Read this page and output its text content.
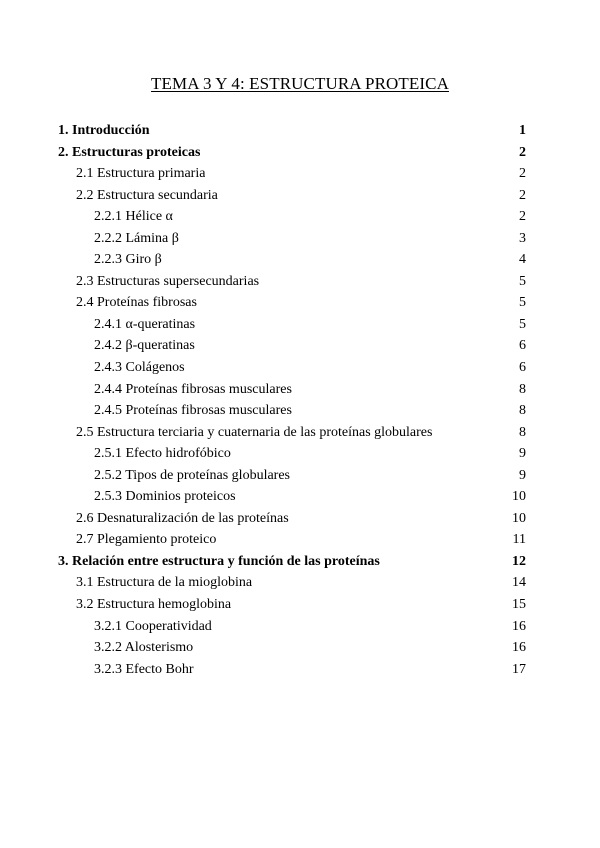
TEMA 3 Y 4: ESTRUCTURA PROTEICA
1. Introducción	1
2. Estructuras proteicas	2
2.1 Estructura primaria	2
2.2 Estructura secundaria	2
2.2.1 Hélice α	2
2.2.2 Lámina β	3
2.2.3 Giro β	4
2.3 Estructuras supersecundarias	5
2.4 Proteínas fibrosas	5
2.4.1 α-queratinas	5
2.4.2 β-queratinas	6
2.4.3 Colágenos	6
2.4.4 Proteínas fibrosas musculares	8
2.4.5 Proteínas fibrosas musculares	8
2.5 Estructura terciaria y cuaternaria de las proteínas globulares	8
2.5.1 Efecto hidrofóbico	9
2.5.2 Tipos de proteínas globulares	9
2.5.3 Dominios proteicos	10
2.6 Desnaturalización de las proteínas	10
2.7 Plegamiento proteico	11
3. Relación entre estructura y función de las proteínas	12
3.1 Estructura de la mioglobina	14
3.2 Estructura hemoglobina	15
3.2.1 Cooperatividad	16
3.2.2 Alosterismo	16
3.2.3 Efecto Bohr	17
